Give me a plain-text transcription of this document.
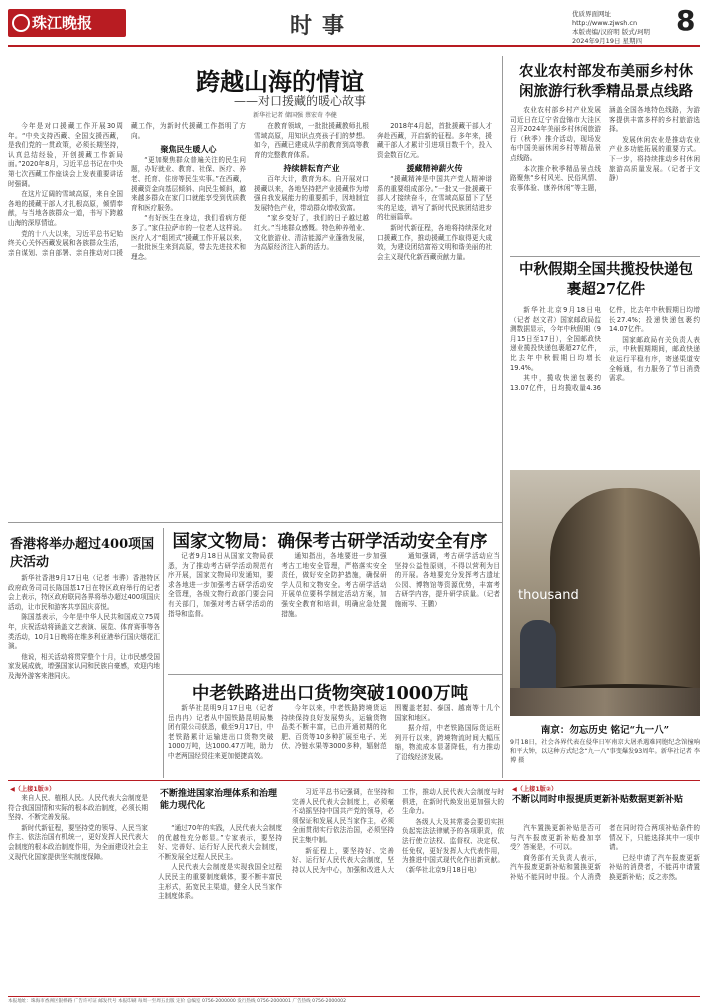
珠江晚报	时事	优质界面网址 http://www.zjwsh.cn
本版责编/汉府明 版式/珂明
2024年9月19日 星期四
8
跨越山海的情谊
——对口援藏的暖心故事
新华社记者 储国强 蔡宏奇 李健

今年是对口援藏工作开展30周年。“中央支持西藏、全国支援西藏，是我们党的一贯政策，必须长期坚持，认真总结经验，开创援藏工作新局面。”2020年8月，习近平总书记在中央第七次西藏工作座谈会上发表重要讲话时强调。

在这片辽阔的雪域高原，来自全国各地的援藏干部人才扎根高原，倾情奉献，与当地各族群众一道，书写下跨越山海的深厚情谊。

党的十八大以来，习近平总书记始终关心关怀西藏发展和各族群众生活，亲自谋划、亲自部署、亲自推动对口援藏工作，为新时代援藏工作指明了方向。

聚焦民生暖人心

“更加聚焦群众普遍关注的民生问题，办好就业、教育、社保、医疗、养老、托育、住房等民生实事。”在西藏，援藏资金向基层倾斜、向民生倾斜，越来越多群众在家门口就能享受到优质教育和医疗服务。

“有好医生在身边，我们看病方便多了。”家住拉萨市的一位老人这样说。医疗人才“组团式”援藏工作开展以来，一批批医生来到高原，带去先进技术和理念。

在教育领域，一批批援藏教师扎根雪域高原，用知识点亮孩子们的梦想。如今，西藏已建成从学前教育到高等教育的完整教育体系。

持续耕耘育产业

百年大计，教育为本。自开展对口援藏以来，各地坚持把产业援藏作为增强自我发展能力的重要抓手，因地制宜发展特色产业，带动群众增收致富。

“家乡变好了，我们的日子越过越红火。”当地群众感慨。特色种养殖业、文化旅游业、清洁能源产业蓬勃发展，为高原经济注入新的活力。

2018年4月起，首批援藏干部人才奔赴西藏，开启新的征程。多年来，援藏干部人才累计引进项目数千个，投入资金数百亿元。

援藏精神薪火传

“援藏精神是中国共产党人精神谱系的重要组成部分。”一批又一批援藏干部人才接续奋斗，在雪域高原留下了坚实的足迹，谱写了新时代民族团结进步的壮丽篇章。

新时代新征程，各地将持续深化对口援藏工作，推动援藏工作取得更大成效，为建设团结富裕文明和谐美丽的社会主义现代化新西藏贡献力量。

农业农村部发布美丽乡村休闲旅游行秋季精品景点线路

农业农村部乡村产业发展司近日在辽宁省盘锦市大洼区召开2024年美丽乡村休闲旅游行（秋季）推介活动，现场发布中国美丽休闲乡村等精品景点线路。

本次推介秋季精品景点线路聚焦“乡村风光、民俗风情、农事体验、康养休闲”等主题，涵盖全国各地特色线路，为游客提供丰富多样的乡村旅游选择。

发展休闲农业是推动农业产业多功能拓展的重要方式。下一步，将持续推动乡村休闲旅游高质量发展。（记者于文静）

中秋假期全国共揽投快递包裹超27亿件

新华社北京9月18日电（记者 赵文君）国家邮政局监测数据显示，今年中秋假期（9月15日至17日），全国邮政快递业揽投快递包裹超27亿件，比去年中秋假期日均增长19.4%。

其中，揽收快递包裹约13.07亿件，日均揽收量4.36亿件，比去年中秋假期日均增长27.4%；投递快递包裹约14.07亿件。

国家邮政局有关负责人表示，中秋假期期间，邮政快递业运行平稳有序，寄递渠道安全畅通，有力服务了节日消费需求。

thousand
南京：勿忘历史 铭记“九一八”
9月18日，社会各界代表在侵华日军南京大屠杀遇难同胞纪念馆撞响和平大钟，以这种方式纪念“九一八”事变爆发93周年。新华社记者 李博 摄
香港将举办超过400项国庆活动

新华社香港9月17日电（记者 韦骅）香港特区政府政务司司长陈国基17日在特区政府举行的记者会上表示，特区政府联同各界将举办超过400项国庆活动，让市民和游客共享国庆喜悦。

陈国基表示，今年是中华人民共和国成立75周年，庆祝活动将涵盖文艺表演、展览、体育赛事等各类活动，10月1日晚将在维多利亚港举行国庆烟花汇演。

他说，相关活动将贯穿整个十月，让市民感受国家发展成就，增强国家认同和民族自豪感，欢迎内地及海外游客来港同庆。

国家文物局：确保考古研学活动安全有序

记者9月18日从国家文物局获悉，为了推动考古研学活动规范有序开展，国家文物局印发通知，要求各地进一步加强考古研学活动安全管理，各级文物行政部门要会同有关部门，加强对考古研学活动的指导和监督。

通知指出，各地要进一步加强考古工地安全管理，严格落实安全责任，做好安全防护措施，确保研学人员和文物安全。考古研学活动开展单位要科学制定活动方案，加强安全教育和培训，明确应急处置措施。

通知强调，考古研学活动应当坚持公益性原则，不得以营利为目的开展。各地要充分发挥考古遗址公园、博物馆等资源优势，丰富考古研学内容，提升研学质量。（记者施雨岑、王鹏）

中老铁路进出口货物突破1000万吨

新华社昆明9月17日电（记者 岳冉冉）记者从中国铁路昆明局集团有限公司获悉，截至9月17日，中老铁路累计运输进出口货物突破1000万吨，达1000.47万吨，助力中老两国经贸往来更加便捷高效。

今年以来，中老铁路跨境货运持续保持良好发展势头，运输货物品类不断丰富，已由开通初期的化肥、百货等10多种扩展至电子、光伏、冷链水果等3000多种，辐射范围覆盖老挝、泰国、越南等十几个国家和地区。

据介绍，中老铁路国际货运班列开行以来，跨境物流时间大幅压缩，物流成本显著降低，有力推动了沿线经济发展。

◀（上接1版③）

来自人民、植根人民。人民代表大会制度是符合我国国情和实际的根本政治制度，必须长期坚持、不断完善发展。

新时代新征程，要坚持党的领导、人民当家作主、依法治国有机统一，更好发挥人民代表大会制度的根本政治制度作用，为全面建设社会主义现代化国家提供坚实制度保障。

不断推进国家治理体系和治理能力现代化

“通过70年的实践，人民代表大会制度的优越性充分彰显。”专家表示，要坚持好、完善好、运行好人民代表大会制度，不断发展全过程人民民主。

人民代表大会制度是实现我国全过程人民民主的重要制度载体，要不断丰富民主形式，拓宽民主渠道，健全人民当家作主制度体系。

习近平总书记强调，在坚持和完善人民代表大会制度上，必须毫不动摇坚持中国共产党的领导，必须保证和发展人民当家作主，必须全面贯彻实行依法治国，必须坚持民主集中制。

新征程上，要坚持好、完善好、运行好人民代表大会制度，坚持以人民为中心，加强和改进人大工作，推动人民代表大会制度与时俱进，在新时代焕发出更加强大的生命力。

各级人大及其常委会要切实担负起宪法法律赋予的各项职责，依法行使立法权、监督权、决定权、任免权，更好发挥人大代表作用，为推进中国式现代化作出新贡献。（新华社北京9月18日电）

◀（上接1版②）
不断以同时申报提质更新补贴数据更新补贴

汽车置换更新补贴是否可与汽车报废更新补贴叠加享受？答案是，不可以。

商务部有关负责人表示，汽车报废更新补贴和置换更新补贴不能同时申报。个人消费者在同时符合两项补贴条件的情况下，只能选择其中一项申请。

已经申请了汽车报废更新补贴的消费者，不能再申请置换更新补贴；反之亦然。

本报地址：珠海市香洲区银桦路 广告许可证 邮发代号 本报印刷 每周一至周五出版 定价 总编室 0756-2000000 发行热线 0756-2000001 广告热线 0756-2000002
